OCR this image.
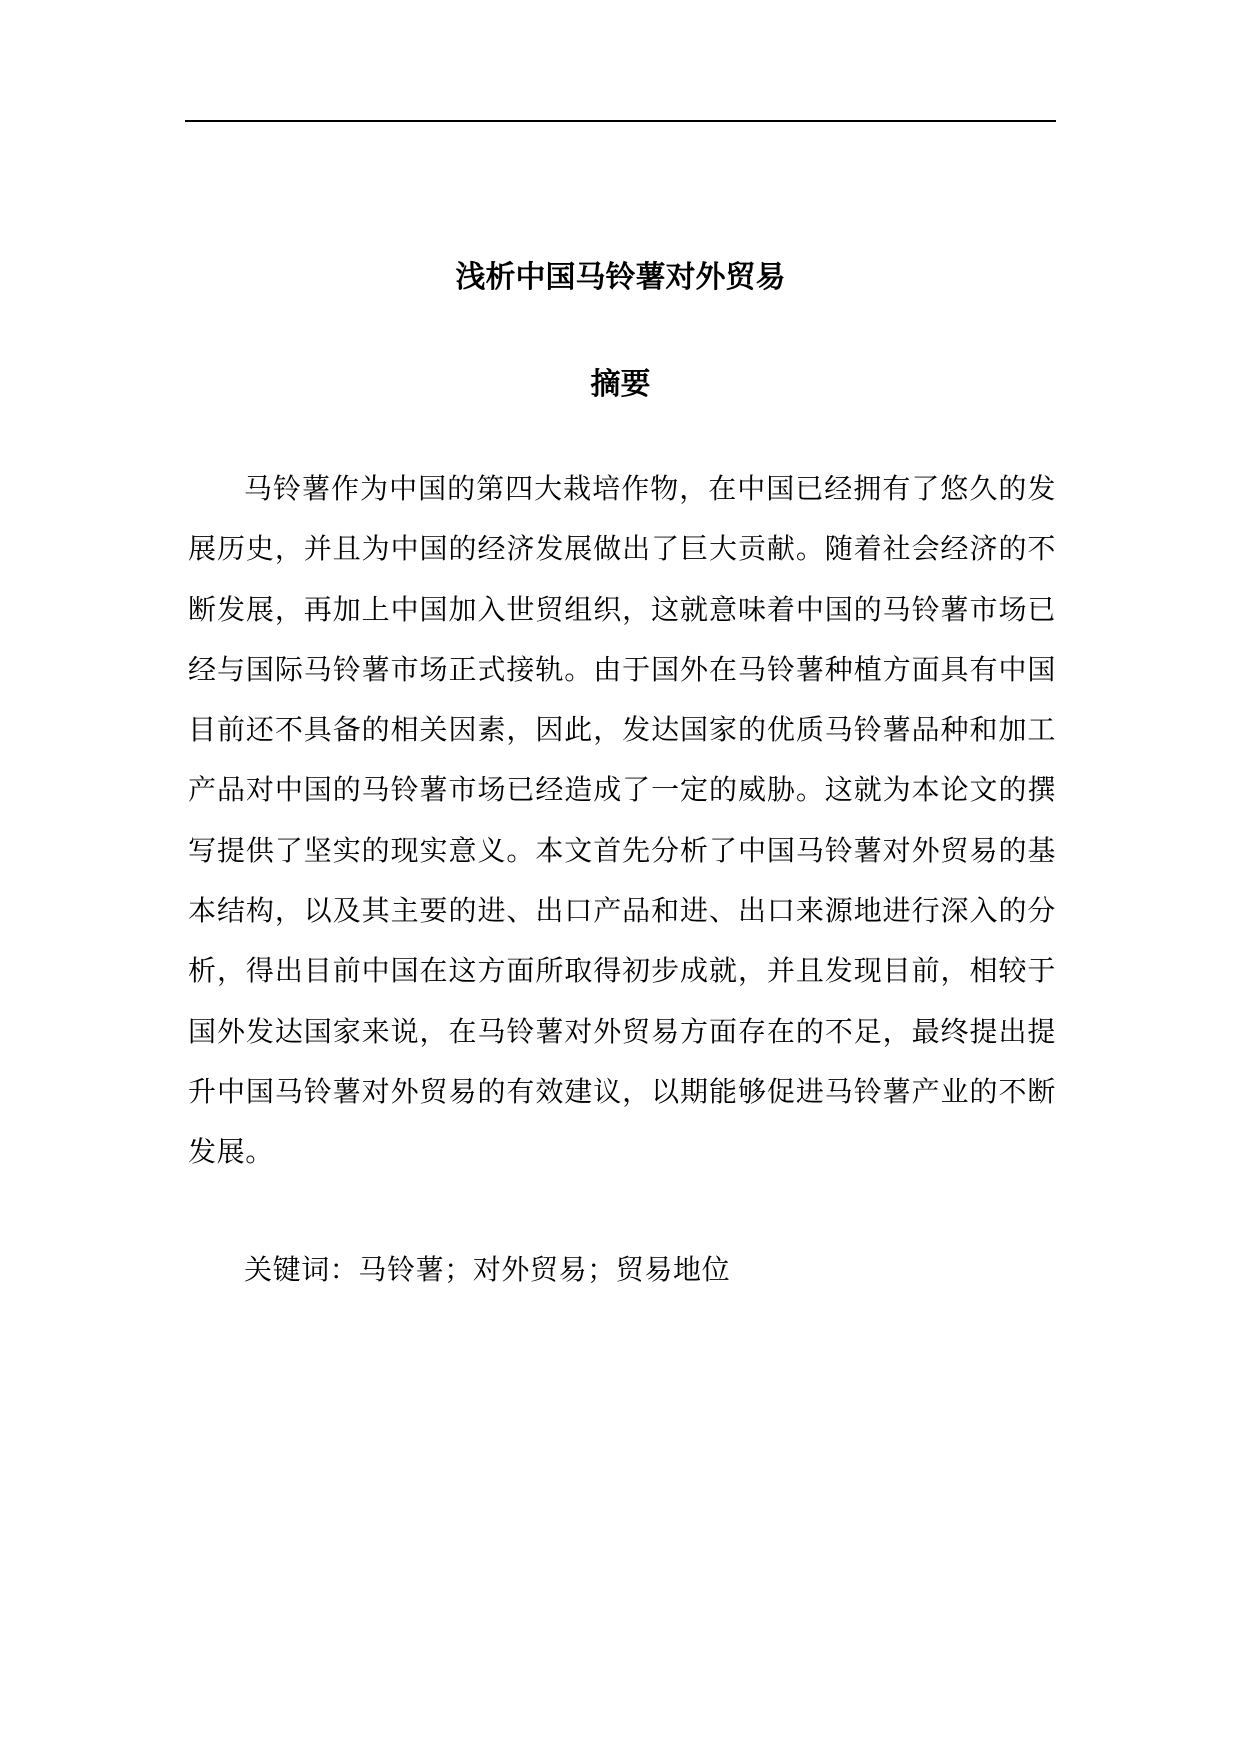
浅析中国马铃薯对外贸易
摘要

马铃薯作为中国的第四大栽培作物，在中国已经拥有了悠久的发展历史，并且为中国的经济发展做出了巨大贡献。随着社会经济的不断发展，再加上中国加入世贸组织，这就意味着中国的马铃薯市场已经与国际马铃薯市场正式接轨。由于国外在马铃薯种植方面具有中国目前还不具备的相关因素，因此，发达国家的优质马铃薯品种和加工产品对中国的马铃薯市场已经造成了一定的威胁。这就为本论文的撰写提供了坚实的现实意义。本文首先分析了中国马铃薯对外贸易的基本结构，以及其主要的进、出口产品和进、出口来源地进行深入的分析，得出目前中国在这方面所取得初步成就，并且发现目前，相较于国外发达国家来说，在马铃薯对外贸易方面存在的不足，最终提出提升中国马铃薯对外贸易的有效建议，以期能够促进马铃薯产业的不断发展。

关键词：马铃薯；对外贸易；贸易地位
